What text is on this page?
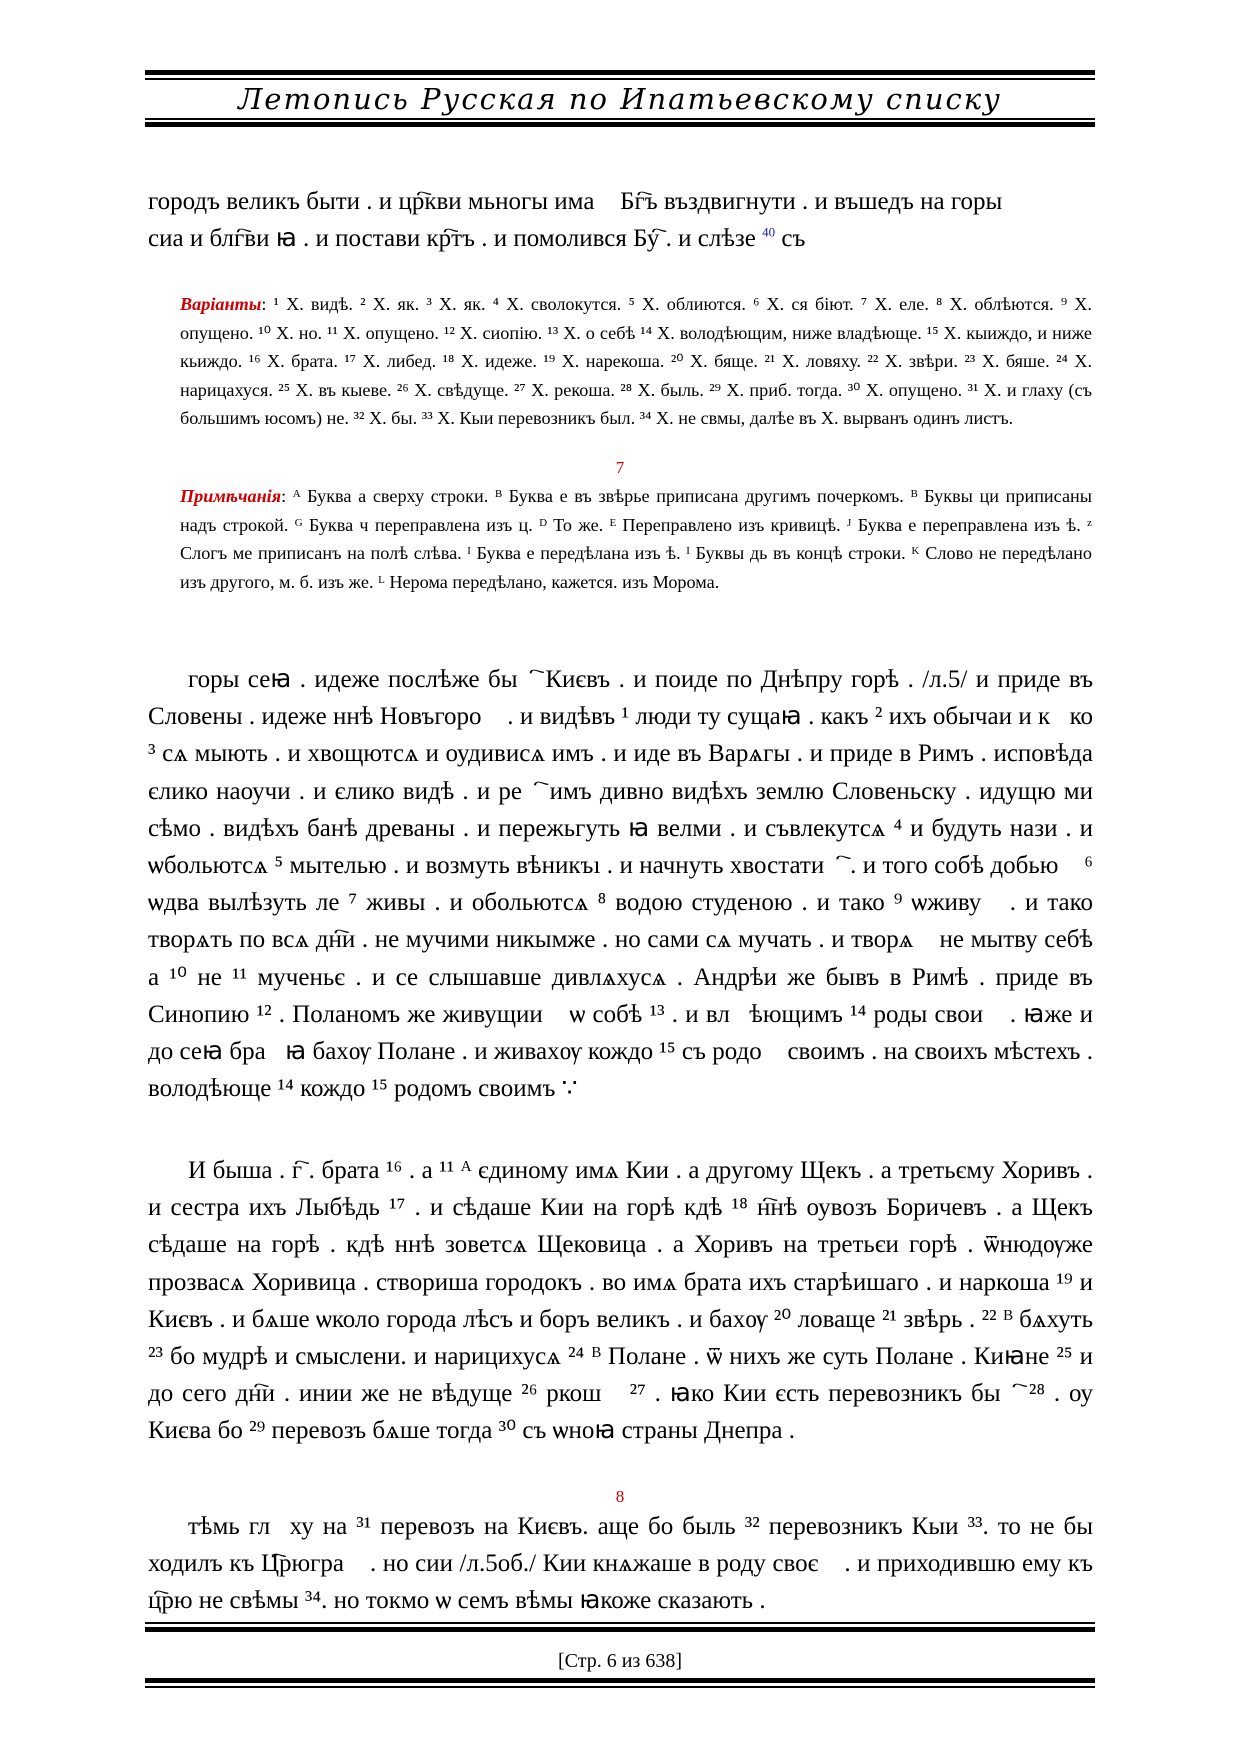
Летопись Русская по Ипатьевскому списку
городъ великъ быти . и цр҇кви мьногы имаⷮ Бг҇ъ въздвигнути . и въшедъ на горы
сиа и блг҇ви ꙗ . и постави кр҇тъ . и помолився Бу҇ . и слѣзе $^{40}$ съ
Варіанты: ¹ Х. видѣ. ² Х. як. ³ Х. як. ⁴ Х. сволокутся. ⁵ Х. облиются. ⁶ Х. ся біют. ⁷ Х. еле. ⁸ Х. облѣются. ⁹ Х. опущено. ¹⁰ Х. но. ¹¹ Х. опущено. ¹² Х. сиопію. ¹³ Х. о себѣ ¹⁴ Х. володѣющим, ниже владѣюще. ¹⁵ Х. кыиждо, и ниже кьиждо. ¹⁶ Х. брата. ¹⁷ Х. либед. ¹⁸ Х. идеже. ¹⁹ Х. нарекоша. ²⁰ Х. бяще. ²¹ Х. ловяху. ²² Х. звѣри. ²³ Х. бяше. ²⁴ Х. нарицахуся. ²⁵ Х. въ кыеве. ²⁶ Х. свѣдуще. ²⁷ Х. рекоша. ²⁸ Х. быль. ²⁹ Х. приб. тогда. ³⁰ Х. опущено. ³¹ Х. и глаху (съ большимъ юсомъ) не. ³² Х. бы. ³³ Х. Кыи перевозникъ был. ³⁴ Х. не свмы, далѣе въ Х. вырванъ одинъ листъ.
7
Примѣчанія: ᴬ Буква а сверху строки. ᴮ Буква е въ звѣрье приписана другимъ почеркомъ. ᴮ Буквы ци приписаны надъ строкой. ᴳ Буква ч переправлена изъ ц. ᴰ То же. ᴱ Переправлено изъ кривицѣ. ᴶ Буква е переправлена изъ ѣ. ᶻ Слогъ ме приписанъ на полѣ слѣва. ᴵ Буква е передѣлана изъ ѣ. ᴵ Буквы дь въ концѣ строки. ᴷ Слово не передѣлано изъ другого, м. б. изъ же. ᴸ Нерома передѣлано, кажется. изъ Морома.
горы сеꙗ . идеже послѣже быⷭ҇ Києвъ . и поиде по Днѣпру горѣ . /л.5/ и приде въ Словены . идеже ннѣ Новъгороⷣ . и видѣвъ ¹ люди ту сущаꙗ . какъ ² ихъ обычаи и кⷶко ³ сѧ мыють . и хвощютсѧ и оудивисѧ имъ . и иде въ Варѧгы . и приде в Римъ . исповѣда єлико наоучи . и єлико видѣ . и реⷱ҇ имъ дивно видѣхъ землю Словеньску . идущю ми сѣмо . видѣхъ банѣ древаны . и пережьгуть ꙗ велми . и съвлекутсѧ ⁴ и будуть нази . и ѡбольютсѧ ⁵ мытелью . и возмуть вѣникъı . и начнуть хвостатиⷭ҇ . и того собѣ добьюⷮ ⁶ ѡдва вылѣзуть ле ⁷ живы . и обольютсѧ ⁸ водою студеною . и тако ⁹ ѡживуⷮ . и тако творѧть по всѧ дн҇и . не мучими никымже . но сами сѧ мучать . и творѧⷮ не мытву себѣ а ¹⁰ не ¹¹ мученьє . и се слышавше дивлѧхусѧ . Андрѣи же бывъ в Римѣ . приде въ Синопию ¹² . Поланомъ же живущииⷨ ѡ собѣ ¹³ . и влⷣѣющимъ ¹⁴ роды своиⷨ . ꙗже и до сеꙗ браⷮꙗ бахѹ Полане . и живахѹ кождо ¹⁵ съ родоⷨ своимъ . на своихъ мѣстехъ . володѣюще ¹⁴ кождо ¹⁵ родомъ своимъ ∵
И быша . г҇ . брата ¹⁶ . а ¹¹ ᴬ єдиному имѧ Кии . а другому Щекъ . а третьєму Хоривъ . и сестра ихъ Лыбѣдь ¹⁷ . и сѣдаше Кии на горѣ кдѣ ¹⁸ н҇нѣ оувозъ Боричевъ . а Щекъ сѣдаше на горѣ . кдѣ ннѣ зоветсѧ Щековица . а Хоривъ на третьєи горѣ . ѿнюдѹже прозвасѧ Хоривица . створиша городокъ . во имѧ брата ихъ старѣишаго . и наркоша ¹⁹ и Києвъ . и бѧше ѡколо города лѣсъ и боръ великъ . и бахѹ ²⁰ ловаще ²¹ звѣрь . ²² ᴮ бѧхуть ²³ бо мудрѣ и смыслени. и нарицихусѧ ²⁴ ᴮ Полане . ѿ нихъ же суть Полане . Киꙗне ²⁵ и до сего дн҇и . инии же не вѣдуще ²⁶ ркошⷶ ²⁷ . ꙗко Кии єсть перевозникъ быⷭ҇ ²⁸ . оу Києва бо ²⁹ перевозъ бѧше тогда ³⁰ съ ѡноꙗ страны Днепра .
8
тѣмь глⷶху на ³¹ перевозъ на Києвъ. аще бо быль ³² перевозникъ Кыи ³³. то не бы ходилъ къ Ц҇рюграⷣ . но сии /л.5об./ Кии кнѧжаше в роду своєⷨ . и приходившю ему къ ц҇рю не свѣмы ³⁴. но токмо ѡ семъ вѣмы ꙗкоже сказають .
[Стр. 6 из 638]
